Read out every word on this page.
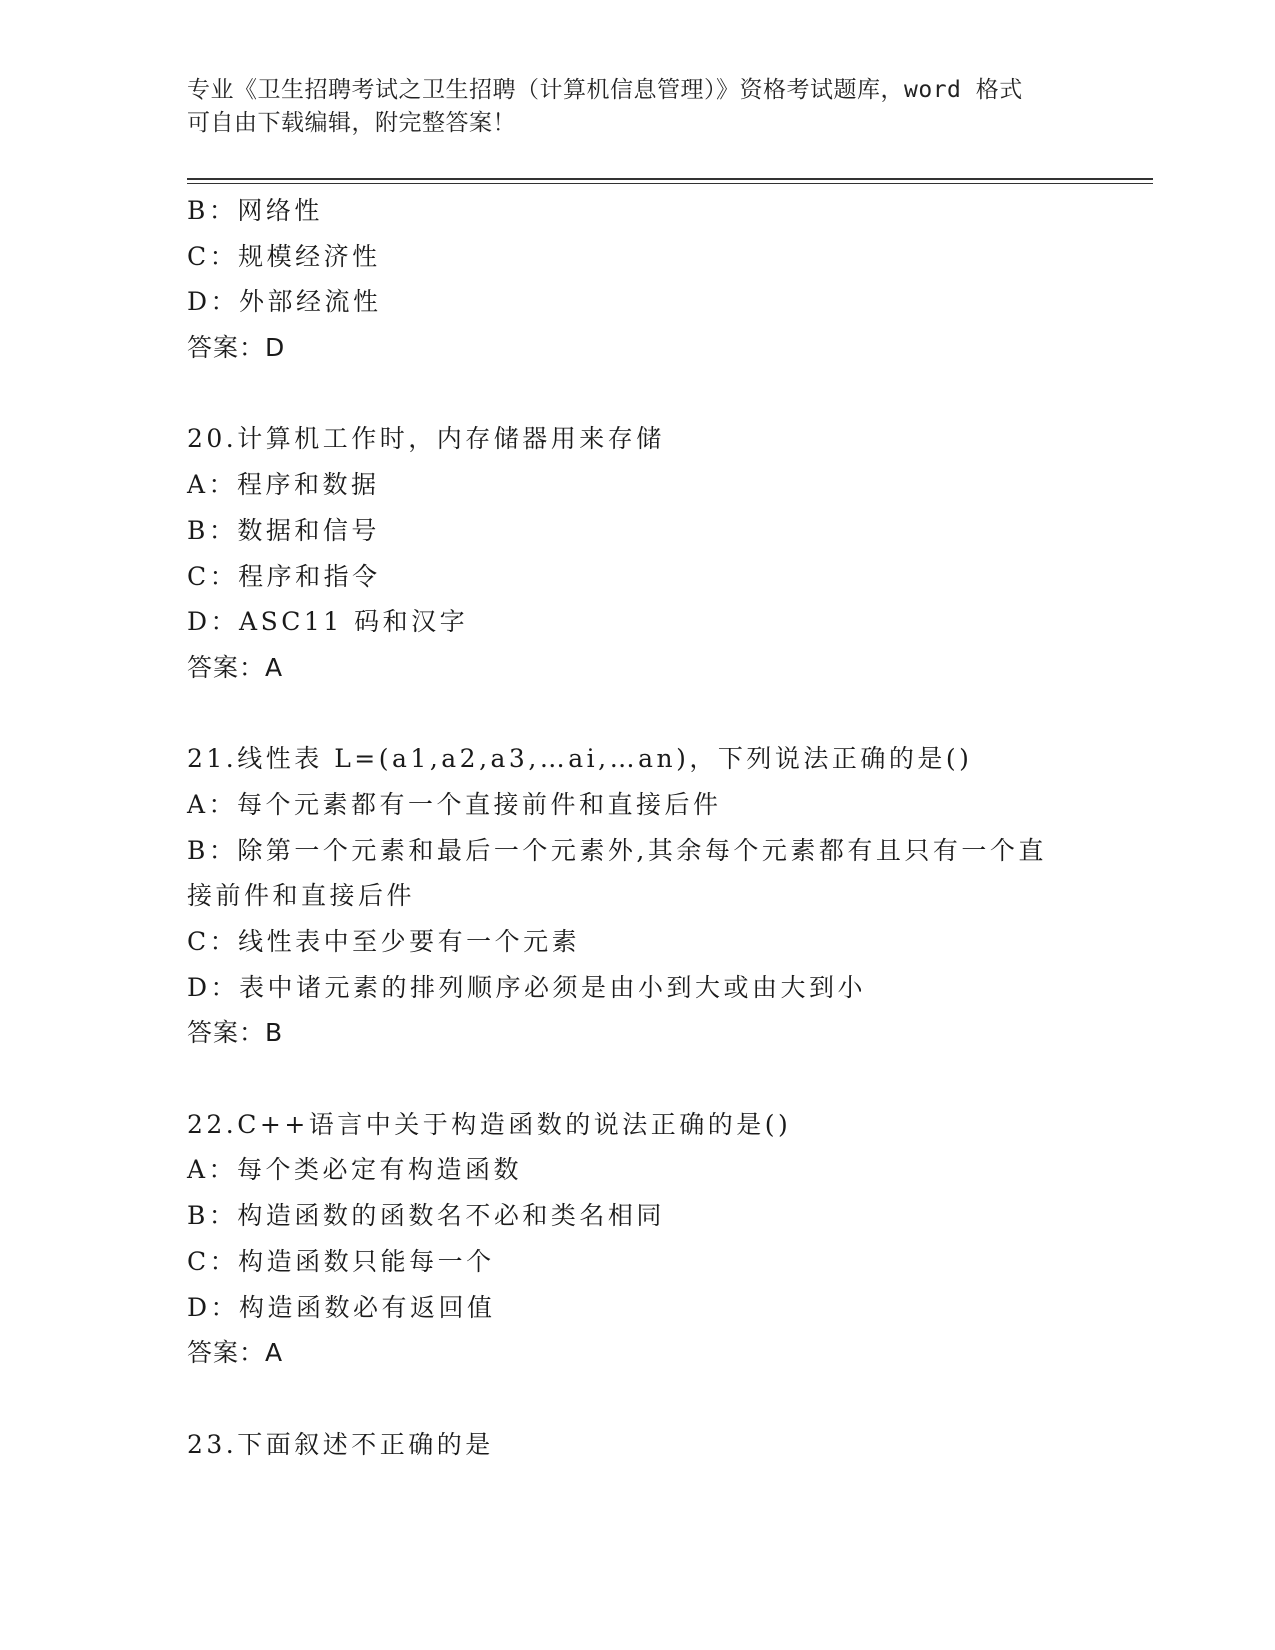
专业《卫生招聘考试之卫生招聘（计算机信息管理）》资格考试题库，word 格式
可自由下载编辑，附完整答案！
B：网络性
C：规模经济性
D：外部经流性
答案：D
20.计算机工作时，内存储器用来存储
A：程序和数据
B：数据和信号
C：程序和指令
D：ASC11 码和汉字
答案：A
21.线性表 L=(a1,a2,a3,…ai,…an)，下列说法正确的是()
A：每个元素都有一个直接前件和直接后件
B：除第一个元素和最后一个元素外,其余每个元素都有且只有一个直
接前件和直接后件
C：线性表中至少要有一个元素
D：表中诸元素的排列顺序必须是由小到大或由大到小
答案：B
22.C++语言中关于构造函数的说法正确的是()
A：每个类必定有构造函数
B：构造函数的函数名不必和类名相同
C：构造函数只能每一个
D：构造函数必有返回值
答案：A
23.下面叙述不正确的是
